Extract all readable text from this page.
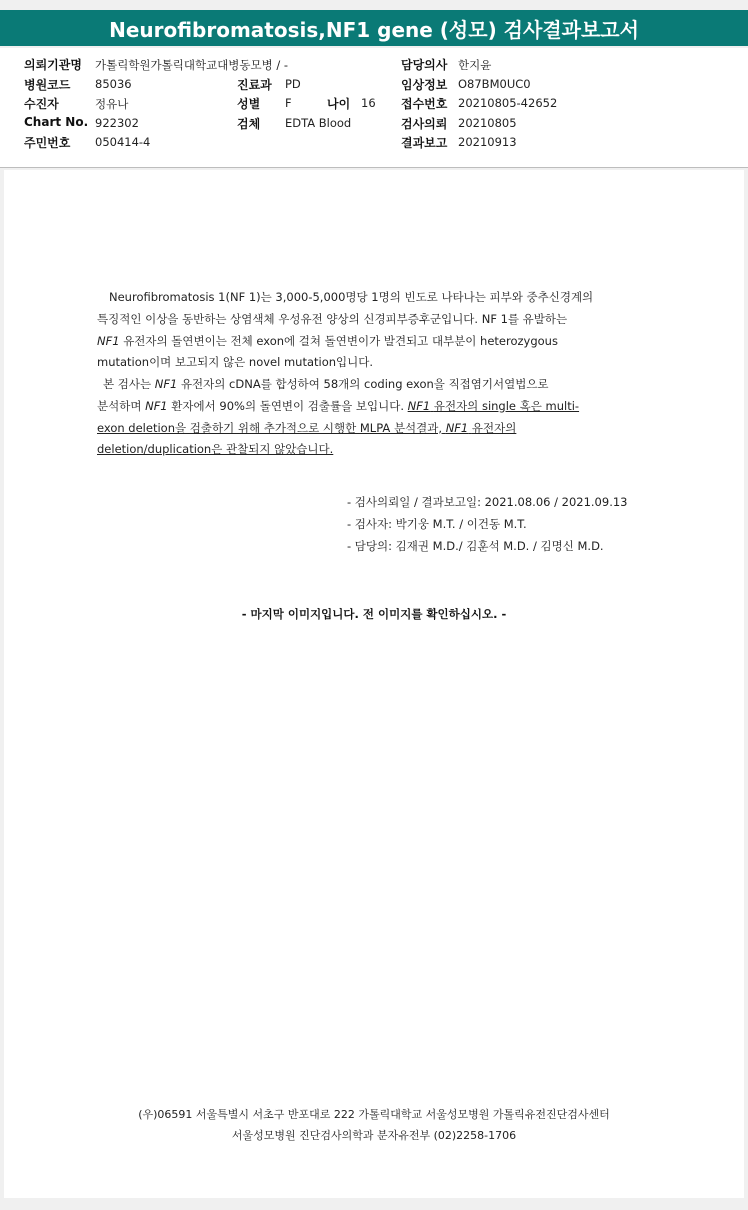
Neurofibromatosis,NF1 gene (성모) 검사결과보고서
의뢰기관명 가톨릭학원가톨릭대학교대병동모병 / -
병원코드 85036
수진자	정유나
Chart No. 922302
주민번호 050414-4
진료과 PD
성별 F	나이 16
검체 EDTA Blood
담당의사 한지윤
임상정보 O87BM0UC0
접수번호 20210805-42652
검사의뢰 20210805
결과보고 20210913
Neurofibromatosis 1(NF 1)는 3,000-5,000명당 1명의 빈도로 나타나는 피부와 중추신경계의
특징적인 이상을 동반하는 상염색체 우성유전 양상의 신경피부증후군입니다. NF 1를 유발하는
NF1 유전자의 돌연변이는 전체 exon에 걸쳐 돌연변이가 발견되고 대부분이 heterozygous
mutation이며 보고되지 않은 novel mutation입니다.
본 검사는 NF1 유전자의 cDNA를 합성하여 58개의 coding exon을 직접염기서열법으로
분석하며 NF1 환자에서 90%의 돌연변이 검출률을 보입니다. NF1 유전자의 single 혹은 multi-
exon deletion을 검출하기 위해 추가적으로 시행한 MLPA 분석결과, NF1 유전자의
deletion/duplication은 관찰되지 않았습니다.
- 검사의뢰일 / 결과보고일: 2021.08.06 / 2021.09.13
- 검사자: 박기웅 M.T. / 이건동 M.T.
- 담당의: 김재권 M.D./ 김훈석 M.D. / 김명신 M.D.
- 마지막 이미지입니다. 전 이미지를 확인하십시오. -
(우)06591 서울특별시 서초구 반포대로 222 가톨릭대학교 서울성모병원 가톨릭유전진단검사센터
서울성모병원 진단검사의학과 분자유전부 (02)2258-1706
